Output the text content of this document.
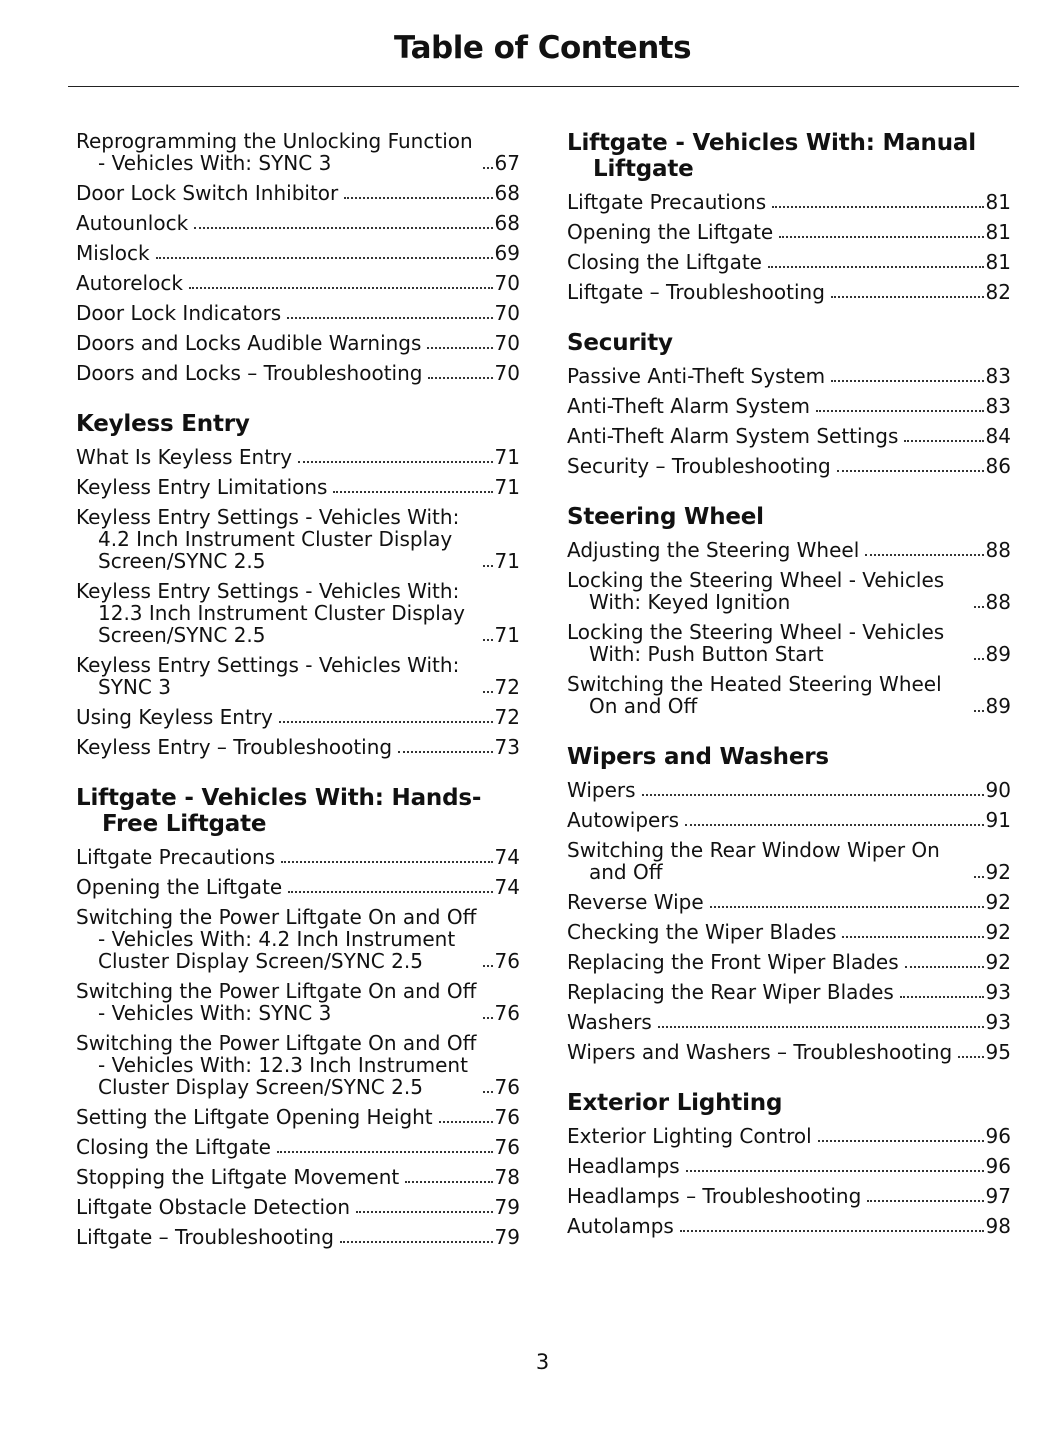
Table of Contents
Reprogramming the Unlocking Function - Vehicles With: SYNC 3	67
Door Lock Switch Inhibitor	68
Autounlock	68
Mislock	69
Autorelock	70
Door Lock Indicators	70
Doors and Locks Audible Warnings	70
Doors and Locks – Troubleshooting	70
Keyless Entry
What Is Keyless Entry	71
Keyless Entry Limitations	71
Keyless Entry Settings - Vehicles With: 4.2 Inch Instrument Cluster Display Screen/SYNC 2.5	71
Keyless Entry Settings - Vehicles With: 12.3 Inch Instrument Cluster Display Screen/SYNC 2.5	71
Keyless Entry Settings - Vehicles With: SYNC 3	72
Using Keyless Entry	72
Keyless Entry – Troubleshooting	73
Liftgate - Vehicles With: Hands-Free Liftgate
Liftgate Precautions	74
Opening the Liftgate	74
Switching the Power Liftgate On and Off - Vehicles With: 4.2 Inch Instrument Cluster Display Screen/SYNC 2.5	76
Switching the Power Liftgate On and Off - Vehicles With: SYNC 3	76
Switching the Power Liftgate On and Off - Vehicles With: 12.3 Inch Instrument Cluster Display Screen/SYNC 2.5	76
Setting the Liftgate Opening Height	76
Closing the Liftgate	76
Stopping the Liftgate Movement	78
Liftgate Obstacle Detection	79
Liftgate – Troubleshooting	79
Liftgate - Vehicles With: Manual Liftgate
Liftgate Precautions	81
Opening the Liftgate	81
Closing the Liftgate	81
Liftgate – Troubleshooting	82
Security
Passive Anti-Theft System	83
Anti-Theft Alarm System	83
Anti-Theft Alarm System Settings	84
Security – Troubleshooting	86
Steering Wheel
Adjusting the Steering Wheel	88
Locking the Steering Wheel - Vehicles With: Keyed Ignition	88
Locking the Steering Wheel - Vehicles With: Push Button Start	89
Switching the Heated Steering Wheel On and Off	89
Wipers and Washers
Wipers	90
Autowipers	91
Switching the Rear Window Wiper On and Off	92
Reverse Wipe	92
Checking the Wiper Blades	92
Replacing the Front Wiper Blades	92
Replacing the Rear Wiper Blades	93
Washers	93
Wipers and Washers – Troubleshooting 95
Exterior Lighting
Exterior Lighting Control	96
Headlamps	96
Headlamps – Troubleshooting	97
Autolamps	98

3
